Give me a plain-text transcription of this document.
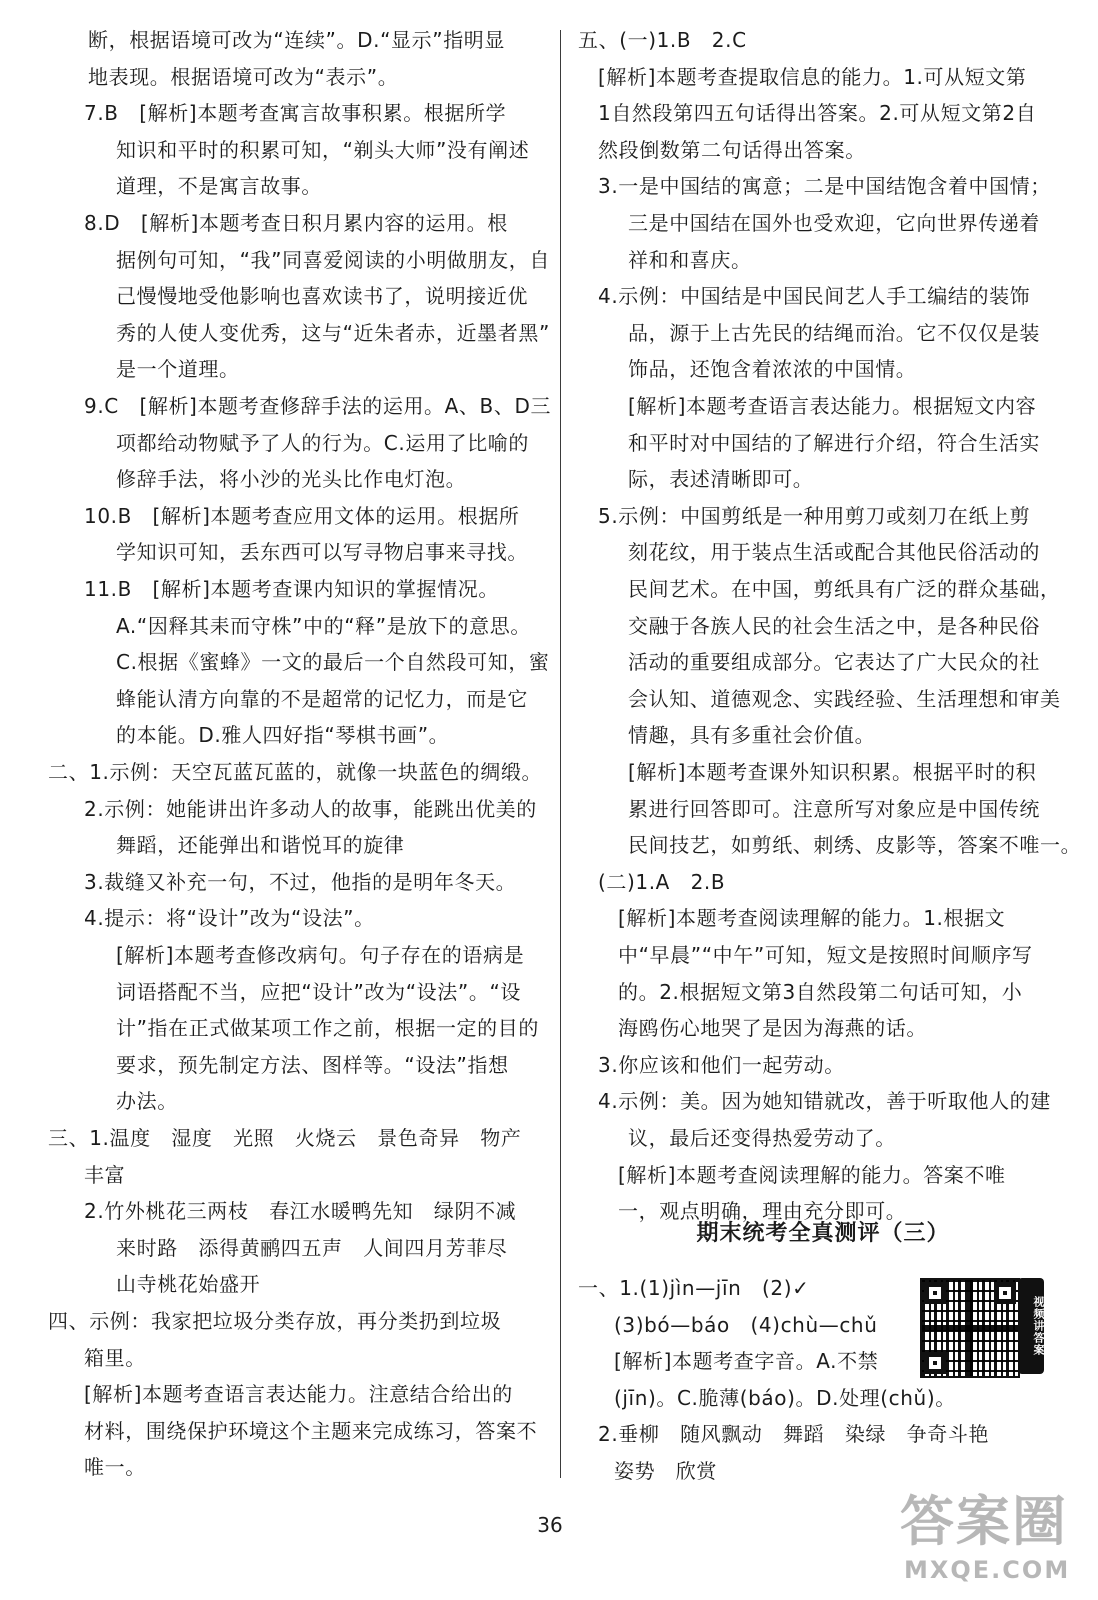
断，根据语境可改为“连续”。D.“显示”指明显
地表现。根据语境可改为“表示”。
7.B　[解析]本题考查寓言故事积累。根据所学
知识和平时的积累可知，“剃头大师”没有阐述
道理，不是寓言故事。
8.D　[解析]本题考查日积月累内容的运用。根
据例句可知，“我”同喜爱阅读的小明做朋友，自
己慢慢地受他影响也喜欢读书了，说明接近优
秀的人使人变优秀，这与“近朱者赤，近墨者黑”
是一个道理。
9.C　[解析]本题考查修辞手法的运用。A、B、D三
项都给动物赋予了人的行为。C.运用了比喻的
修辞手法，将小沙的光头比作电灯泡。
10.B　[解析]本题考查应用文体的运用。根据所
学知识可知，丢东西可以写寻物启事来寻找。
11.B　[解析]本题考查课内知识的掌握情况。
A.“因释其耒而守株”中的“释”是放下的意思。
C.根据《蜜蜂》一文的最后一个自然段可知，蜜
蜂能认清方向靠的不是超常的记忆力，而是它
的本能。D.雅人四好指“琴棋书画”。
二、1.示例：天空瓦蓝瓦蓝的，就像一块蓝色的绸缎。
2.示例：她能讲出许多动人的故事，能跳出优美的
舞蹈，还能弹出和谐悦耳的旋律
3.裁缝又补充一句，不过，他指的是明年冬天。
4.提示：将“设计”改为“设法”。
[解析]本题考查修改病句。句子存在的语病是
词语搭配不当，应把“设计”改为“设法”。“设
计”指在正式做某项工作之前，根据一定的目的
要求，预先制定方法、图样等。“设法”指想
办法。
三、1.温度　湿度　光照　火烧云　景色奇异　物产
丰富
2.竹外桃花三两枝　春江水暖鸭先知　绿阴不减
来时路　添得黄鹂四五声　人间四月芳菲尽
山寺桃花始盛开
四、示例：我家把垃圾分类存放，再分类扔到垃圾
箱里。
[解析]本题考查语言表达能力。注意结合给出的
材料，围绕保护环境这个主题来完成练习，答案不
唯一。
五、(一)1.B　2.C
[解析]本题考查提取信息的能力。1.可从短文第
1自然段第四五句话得出答案。2.可从短文第2自
然段倒数第二句话得出答案。
3.一是中国结的寓意；二是中国结饱含着中国情；
三是中国结在国外也受欢迎，它向世界传递着
祥和和喜庆。
4.示例：中国结是中国民间艺人手工编结的装饰
品，源于上古先民的结绳而治。它不仅仅是装
饰品，还饱含着浓浓的中国情。
[解析]本题考查语言表达能力。根据短文内容
和平时对中国结的了解进行介绍，符合生活实
际，表述清晰即可。
5.示例：中国剪纸是一种用剪刀或刻刀在纸上剪
刻花纹，用于装点生活或配合其他民俗活动的
民间艺术。在中国，剪纸具有广泛的群众基础，
交融于各族人民的社会生活之中，是各种民俗
活动的重要组成部分。它表达了广大民众的社
会认知、道德观念、实践经验、生活理想和审美
情趣，具有多重社会价值。
[解析]本题考查课外知识积累。根据平时的积
累进行回答即可。注意所写对象应是中国传统
民间技艺，如剪纸、刺绣、皮影等，答案不唯一。
(二)1.A　2.B
[解析]本题考查阅读理解的能力。1.根据文
中“早晨”“中午”可知，短文是按照时间顺序写
的。2.根据短文第3自然段第二句话可知，小
海鸥伤心地哭了是因为海燕的话。
3.你应该和他们一起劳动。
4.示例：美。因为她知错就改，善于听取他人的建
议，最后还变得热爱劳动了。
[解析]本题考查阅读理解的能力。答案不唯
一，观点明确，理由充分即可。
期末统考全真测评（三）
一、1.(1)jìn—jīn　(2)✓
(3)bó—báo　(4)chù—chǔ
[解析]本题考查字音。A.不禁
(jīn)。C.脆薄(báo)。D.处理(chǔ)。
2.垂柳　随风飘动　舞蹈　染绿　争奇斗艳
姿势　欣赏
视频讲答案
36	答案圈
MXQE.COM
